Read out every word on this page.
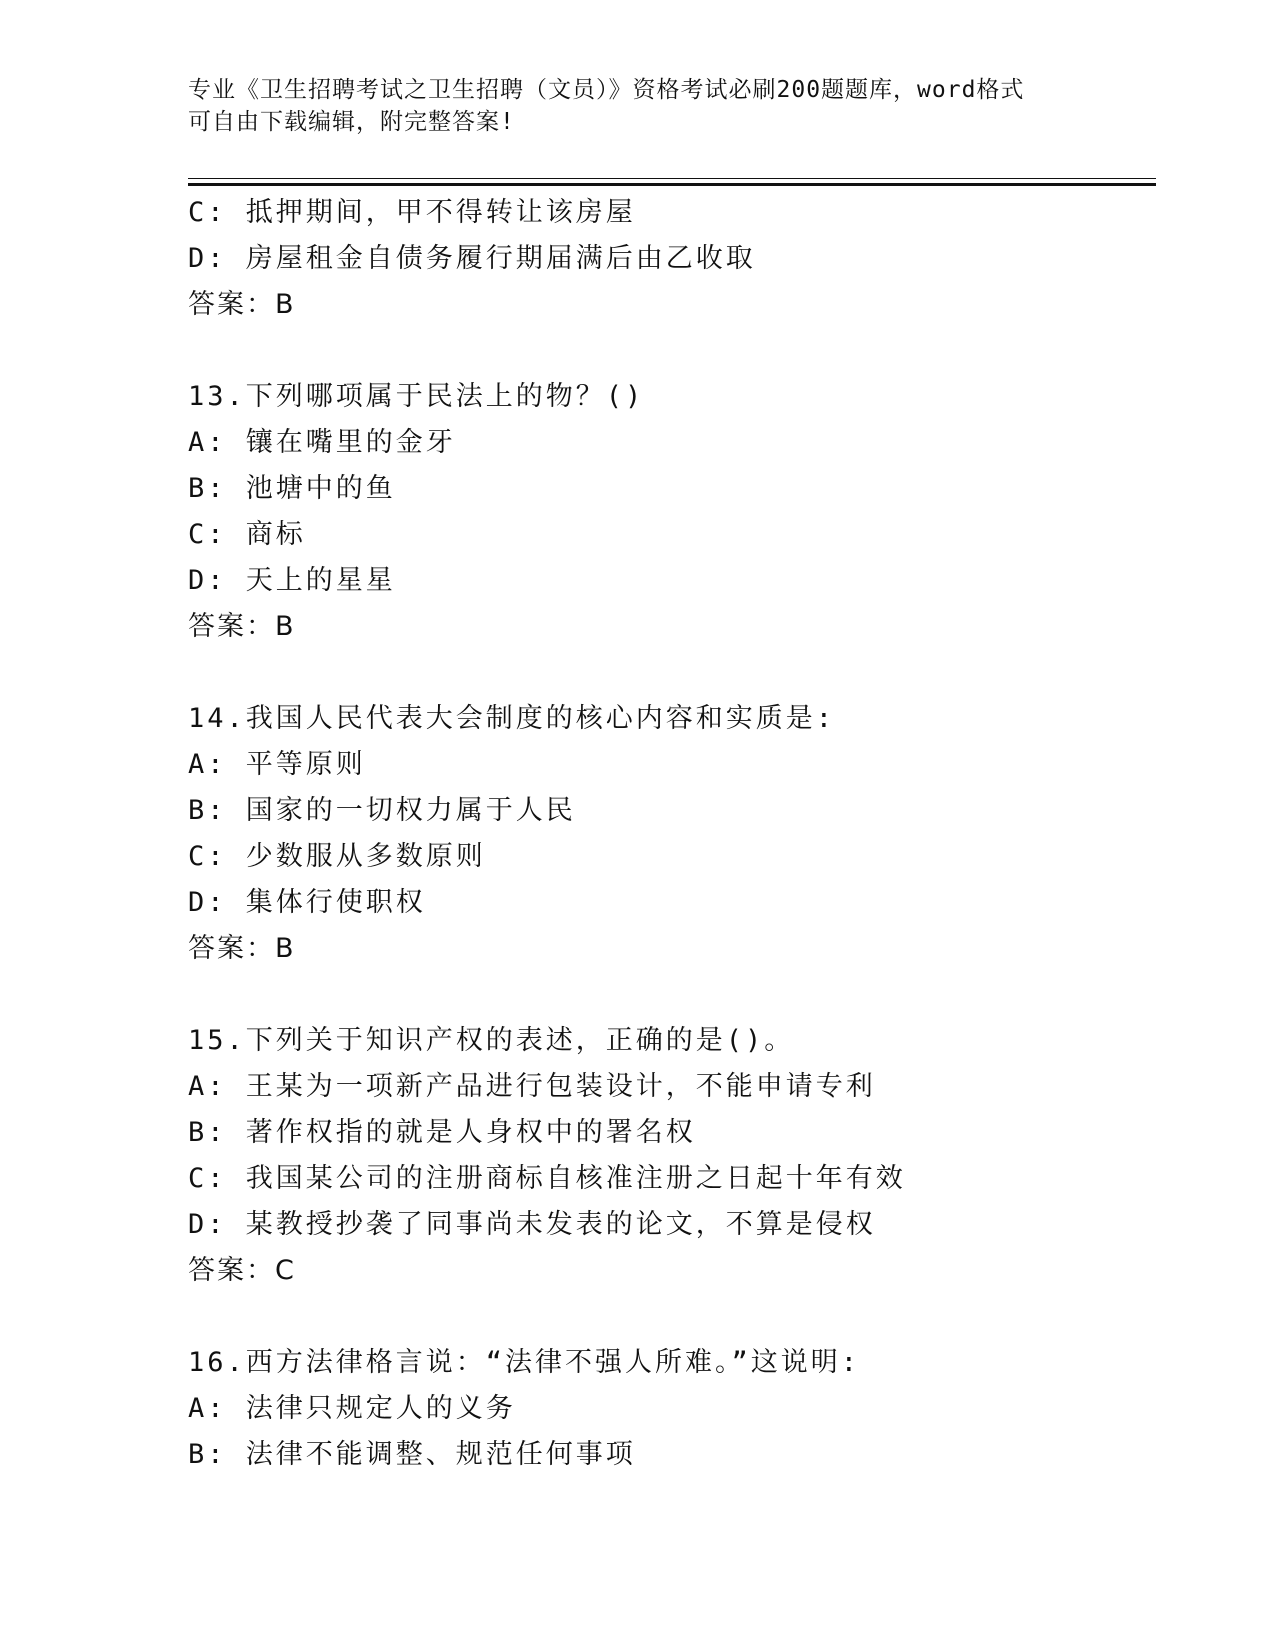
专业《卫生招聘考试之卫生招聘（文员）》资格考试必刷200题题库，word格式
可自由下载编辑，附完整答案!
C: 抵押期间，甲不得转让该房屋
D: 房屋租金自债务履行期届满后由乙收取
答案：B
13.下列哪项属于民法上的物？()
A: 镶在嘴里的金牙
B: 池塘中的鱼
C: 商标
D: 天上的星星
答案：B
14.我国人民代表大会制度的核心内容和实质是:
A: 平等原则
B: 国家的一切权力属于人民
C: 少数服从多数原则
D: 集体行使职权
答案：B
15.下列关于知识产权的表述，正确的是()。
A: 王某为一项新产品进行包装设计，不能申请专利
B: 著作权指的就是人身权中的署名权
C: 我国某公司的注册商标自核准注册之日起十年有效
D: 某教授抄袭了同事尚未发表的论文，不算是侵权
答案：C
16.西方法律格言说：“法律不强人所难。”这说明:
A: 法律只规定人的义务
B: 法律不能调整、规范任何事项
